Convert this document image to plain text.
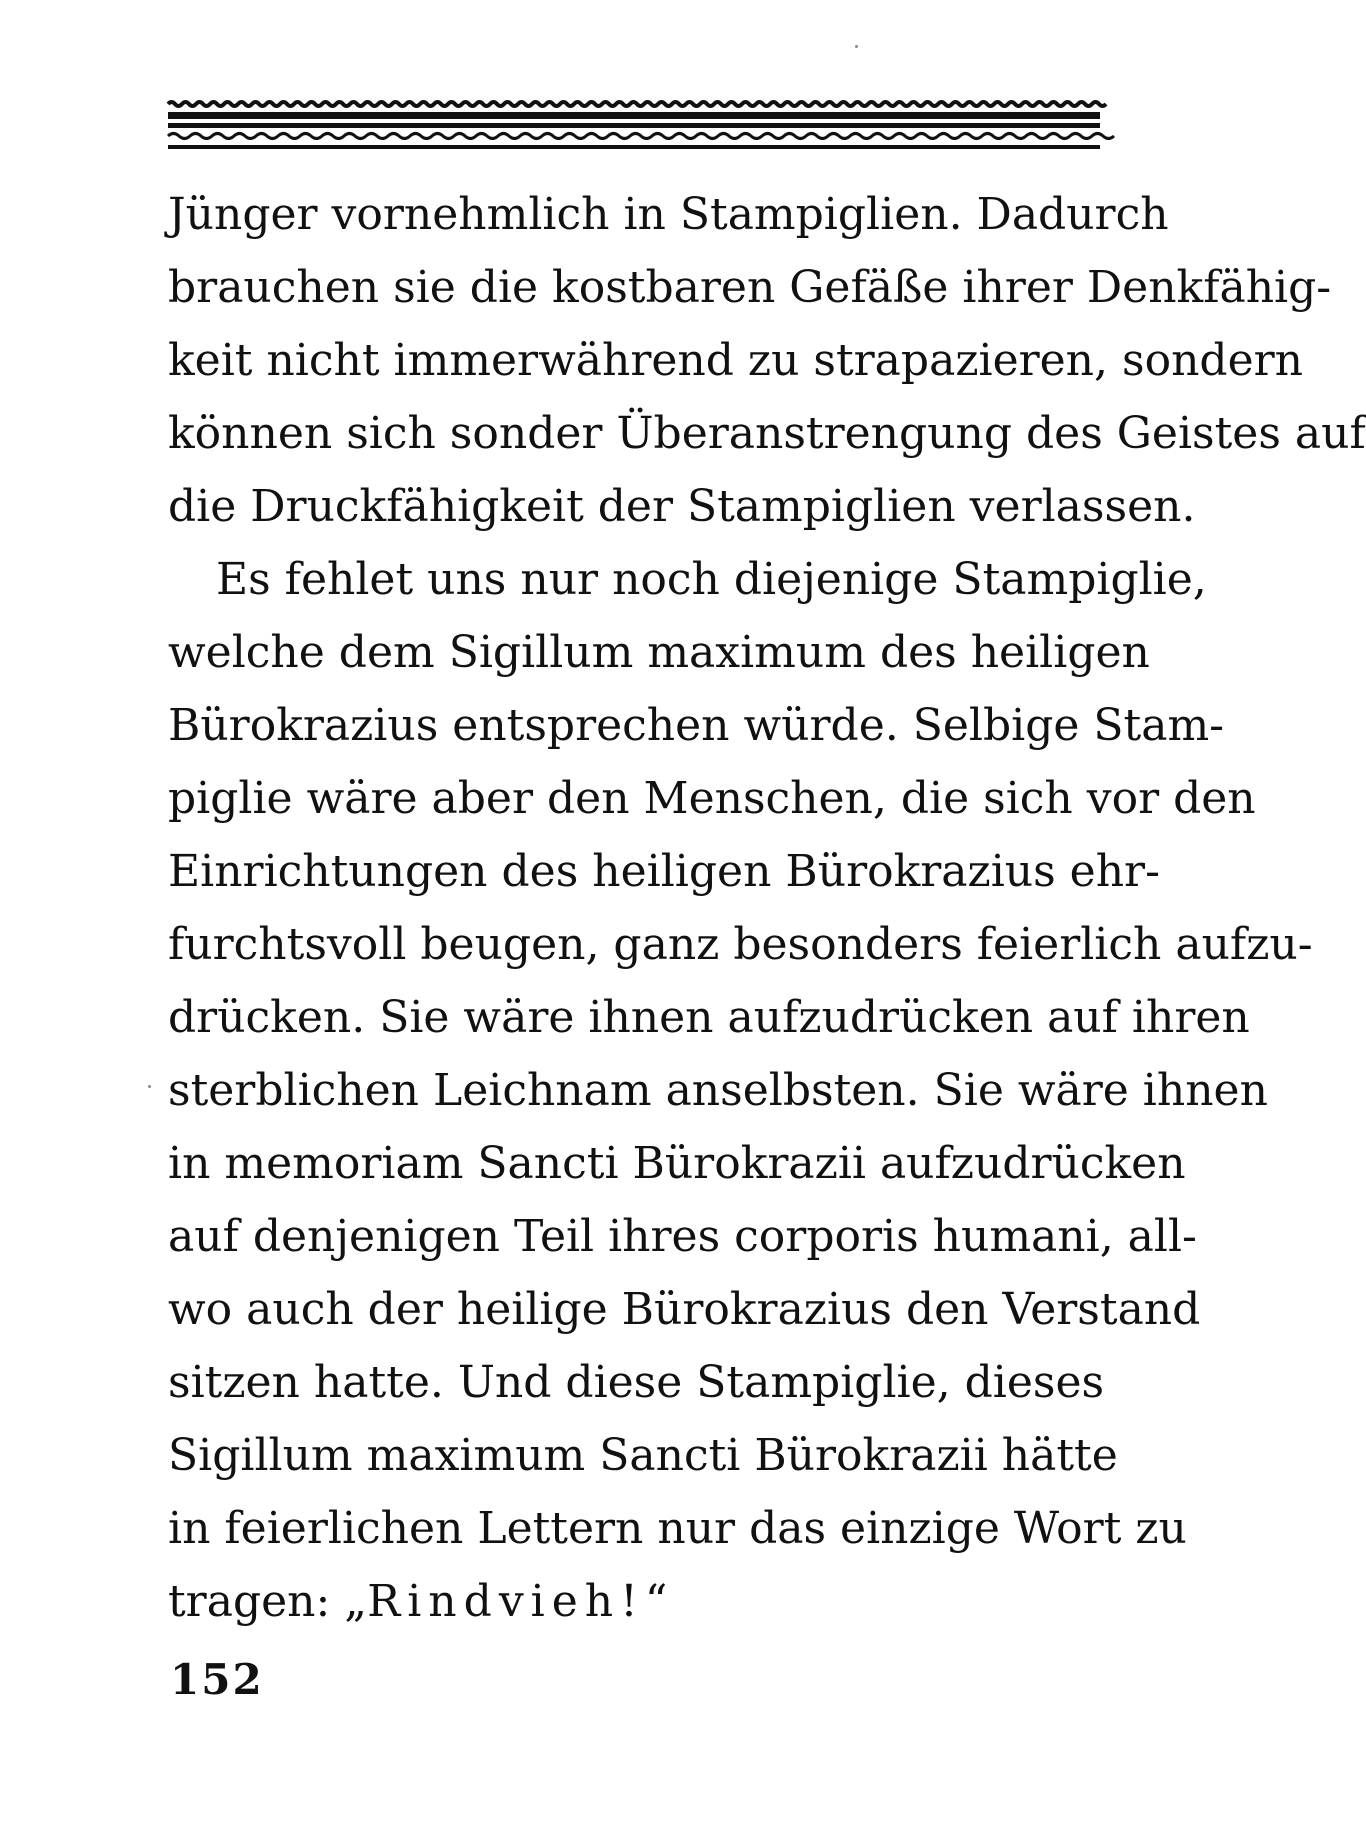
Jünger vornehmlich in Stampiglien. Dadurch
brauchen sie die kostbaren Gefäße ihrer Denkfähig-
keit nicht immerwährend zu strapazieren, sondern
können sich sonder Überanstrengung des Geistes auf
die Druckfähigkeit der Stampiglien verlassen.
Es fehlet uns nur noch diejenige Stampiglie,
welche dem Sigillum maximum des heiligen
Bürokrazius entsprechen würde. Selbige Stam-
piglie wäre aber den Menschen, die sich vor den
Einrichtungen des heiligen Bürokrazius ehr-
furchtsvoll beugen, ganz besonders feierlich aufzu-
drücken. Sie wäre ihnen aufzudrücken auf ihren
sterblichen Leichnam anselbsten. Sie wäre ihnen
in memoriam Sancti Bürokrazii aufzudrücken
auf denjenigen Teil ihres corporis humani, all-
wo auch der heilige Bürokrazius den Verstand
sitzen hatte. Und diese Stampiglie, dieses
Sigillum maximum Sancti Bürokrazii hätte
in feierlichen Lettern nur das einzige Wort zu
tragen: „Rindvieh!“
152
